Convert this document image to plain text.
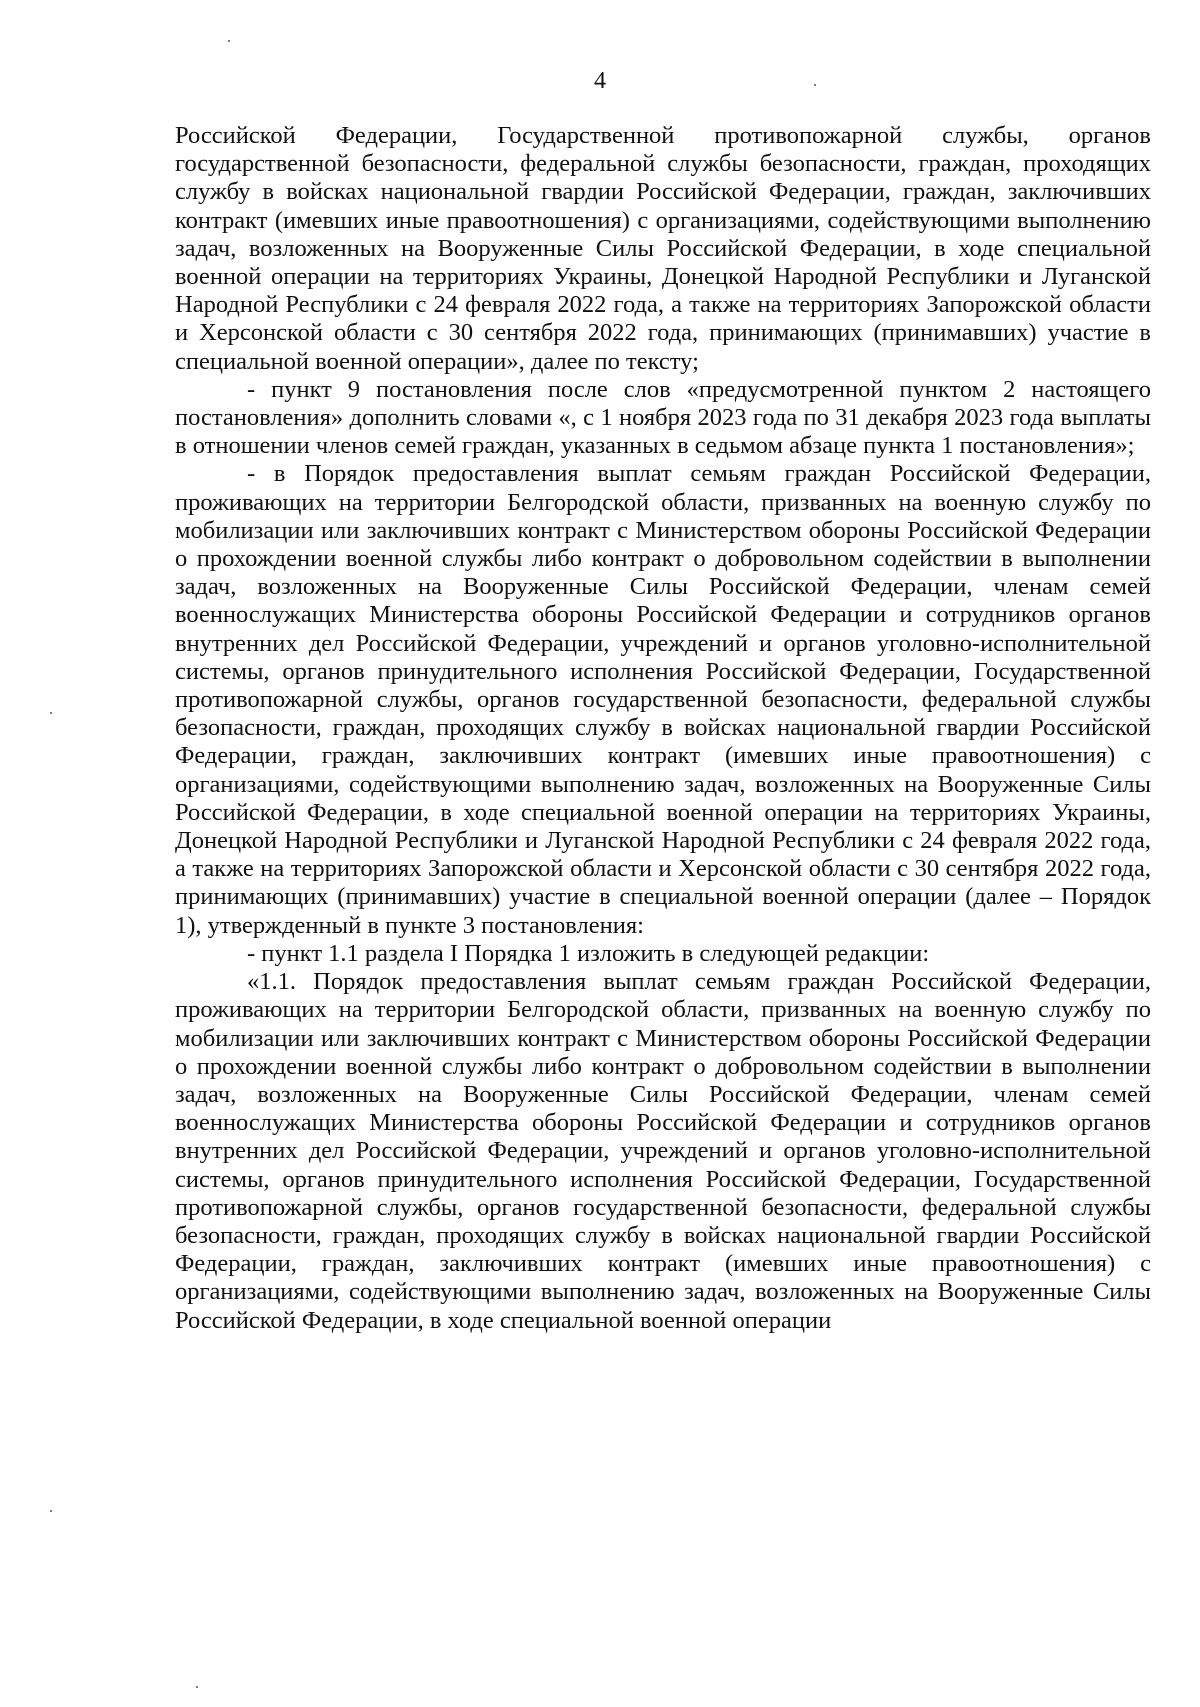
4

Российской Федерации, Государственной противопожарной службы, органов государственной безопасности, федеральной службы безопасности, граждан, проходящих службу в войсках национальной гвардии Российской Федерации, граждан, заключивших контракт (имевших иные правоотношения) с организациями, содействующими выполнению задач, возложенных на Вооруженные Силы Российской Федерации, в ходе специальной военной операции на территориях Украины, Донецкой Народной Республики и Луганской Народной Республики с 24 февраля 2022 года, а также на территориях Запорожской области и Херсонской области с 30 сентября 2022 года, принимающих (принимавших) участие в специальной военной операции», далее по тексту;

- пункт 9 постановления после слов «предусмотренной пунктом 2 настоящего постановления» дополнить словами «, с 1 ноября 2023 года по 31 декабря 2023 года выплаты в отношении членов семей граждан, указанных в седьмом абзаце пункта 1 постановления»;

- в Порядок предоставления выплат семьям граждан Российской Федерации, проживающих на территории Белгородской области, призванных на военную службу по мобилизации или заключивших контракт с Министерством обороны Российской Федерации о прохождении военной службы либо контракт о добровольном содействии в выполнении задач, возложенных на Вооруженные Силы Российской Федерации, членам семей военнослужащих Министерства обороны Российской Федерации и сотрудников органов внутренних дел Российской Федерации, учреждений и органов уголовно-исполнительной системы, органов принудительного исполнения Российской Федерации, Государственной противопожарной службы, органов государственной безопасности, федеральной службы безопасности, граждан, проходящих службу в войсках национальной гвардии Российской Федерации, граждан, заключивших контракт (имевших иные правоотношения) с организациями, содействующими выполнению задач, возложенных на Вооруженные Силы Российской Федерации, в ходе специальной военной операции на территориях Украины, Донецкой Народной Республики и Луганской Народной Республики с 24 февраля 2022 года, а также на территориях Запорожской области и Херсонской области с 30 сентября 2022 года, принимающих (принимавших) участие в специальной военной операции (далее – Порядок 1), утвержденный в пункте 3 постановления:

- пункт 1.1 раздела I Порядка 1 изложить в следующей редакции:

«1.1. Порядок предоставления выплат семьям граждан Российской Федерации, проживающих на территории Белгородской области, призванных на военную службу по мобилизации или заключивших контракт с Министерством обороны Российской Федерации о прохождении военной службы либо контракт о добровольном содействии в выполнении задач, возложенных на Вооруженные Силы Российской Федерации, членам семей военнослужащих Министерства обороны Российской Федерации и сотрудников органов внутренних дел Российской Федерации, учреждений и органов уголовно-исполнительной системы, органов принудительного исполнения Российской Федерации, Государственной противопожарной службы, органов государственной безопасности, федеральной службы безопасности, граждан, проходящих службу в войсках национальной гвардии Российской Федерации, граждан, заключивших контракт (имевших иные правоотношения) с организациями, содействующими выполнению задач, возложенных на Вооруженные Силы Российской Федерации, в ходе специальной военной операции
